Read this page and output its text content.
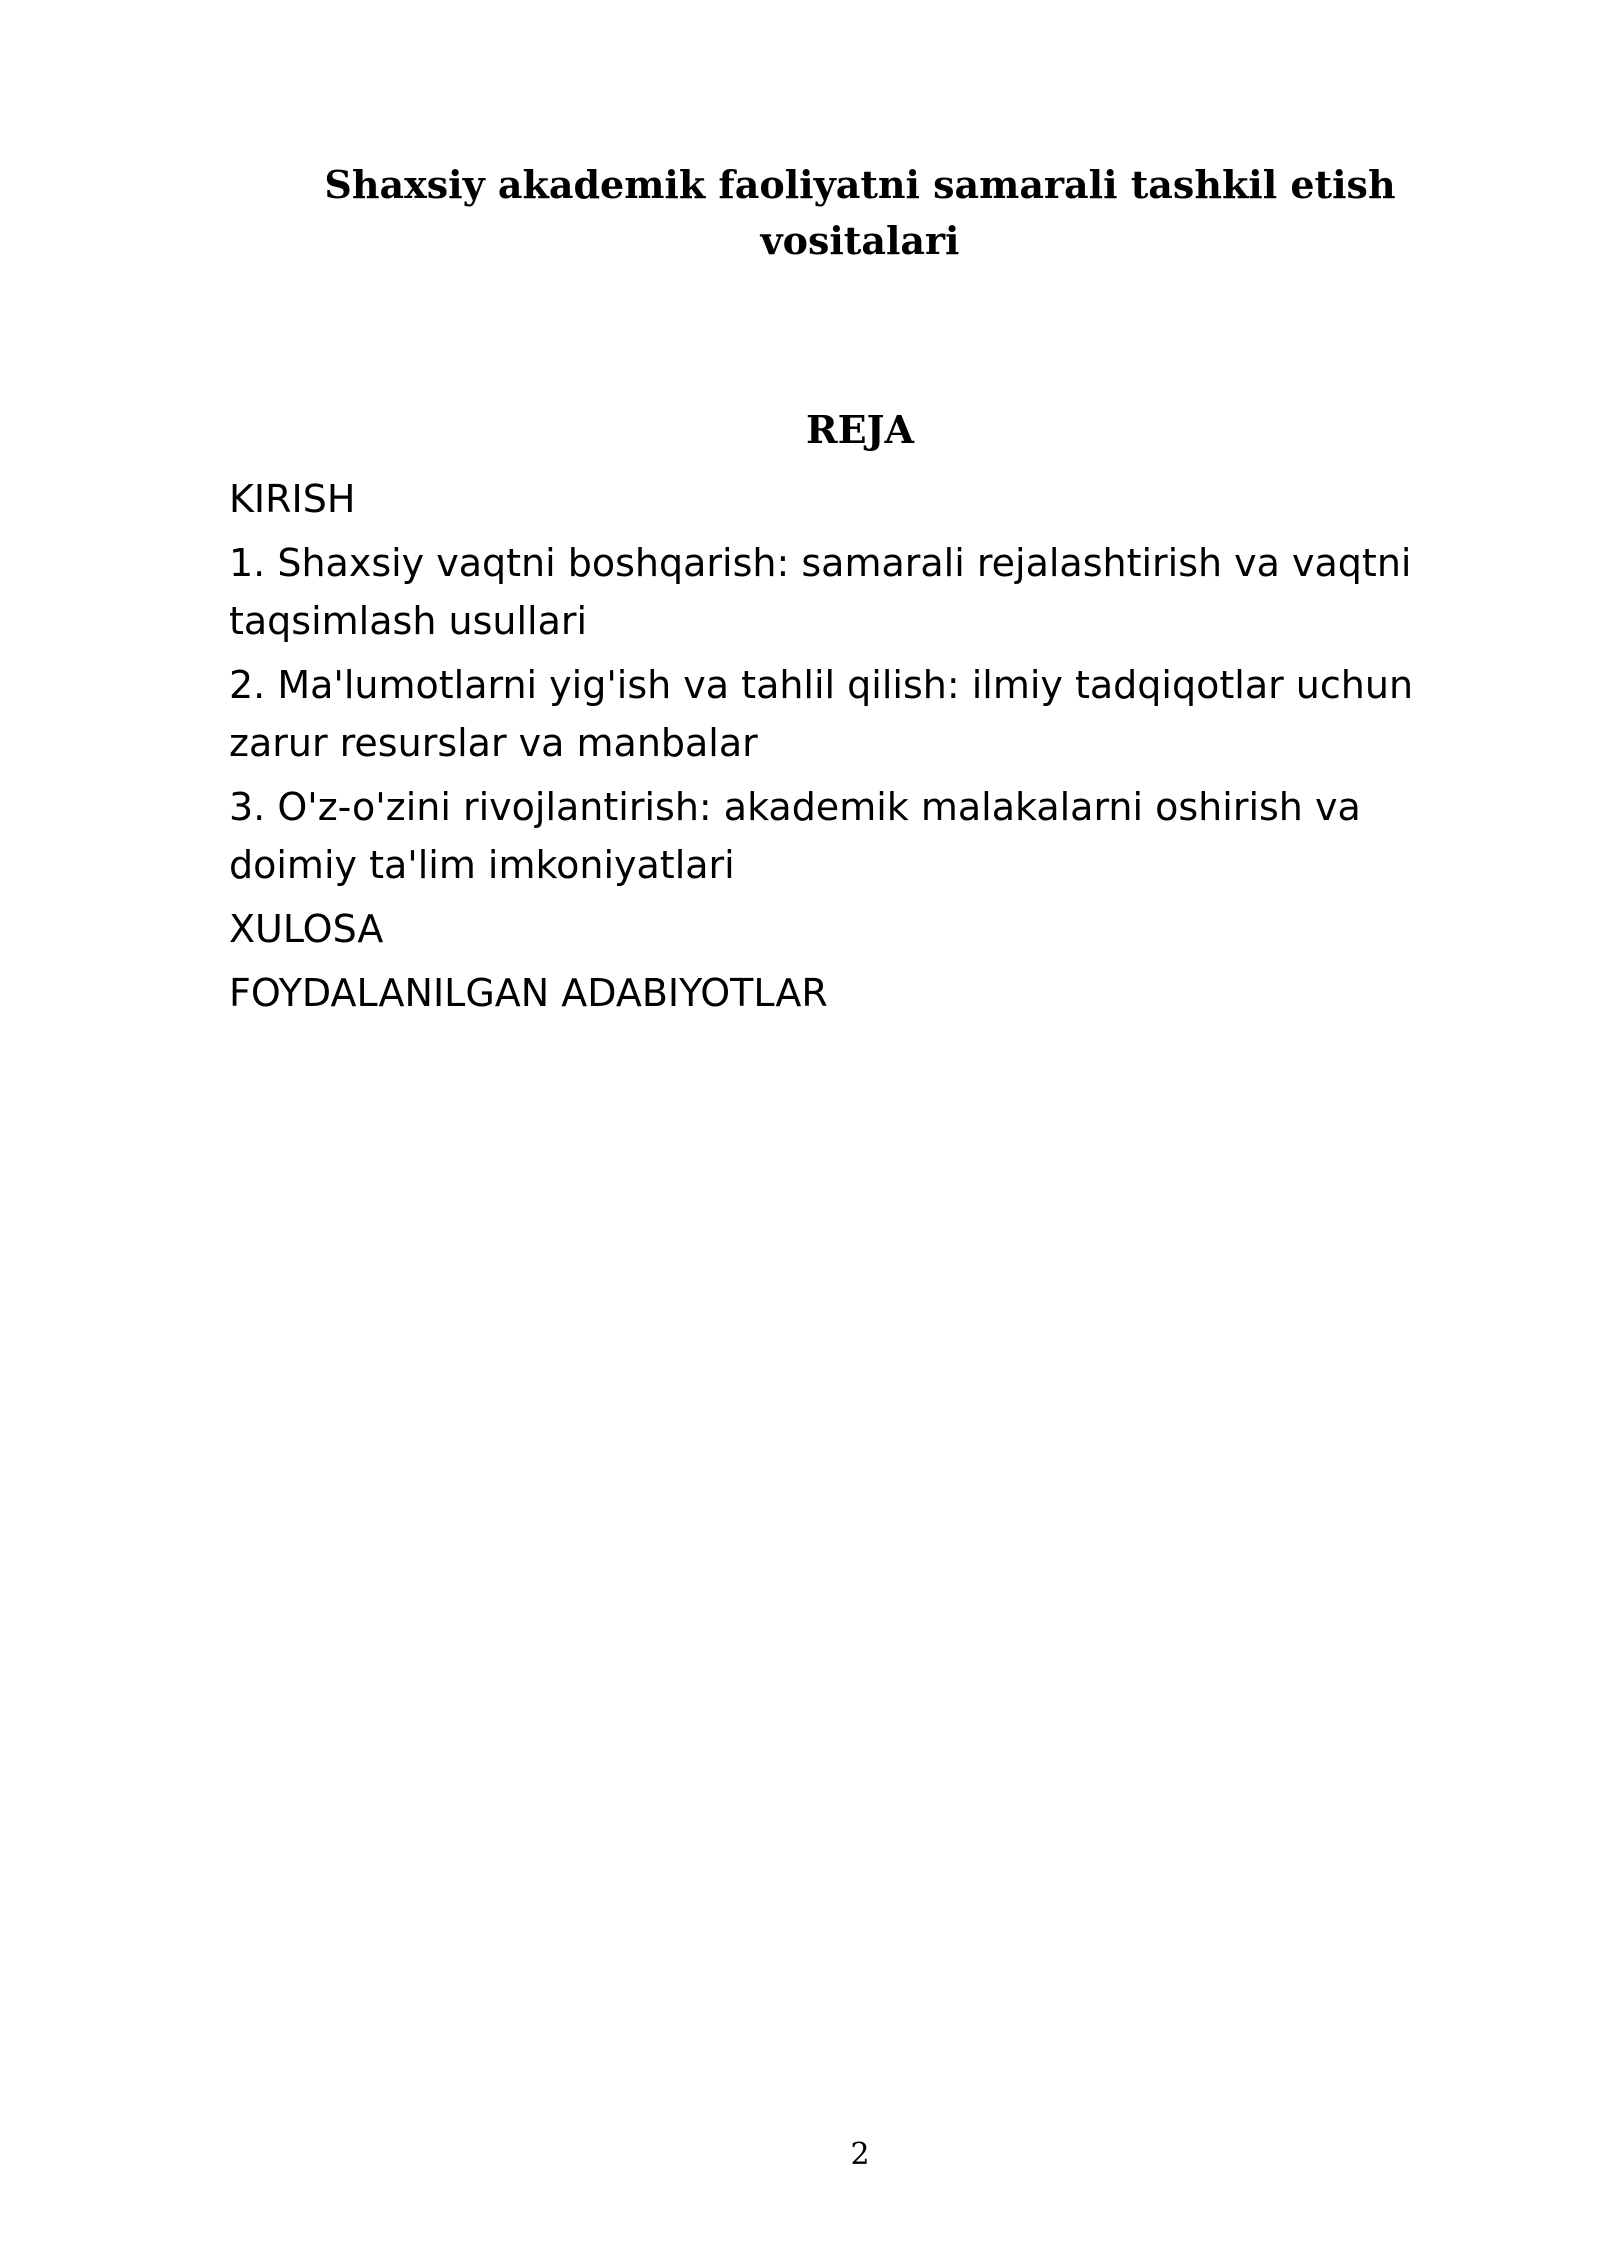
Shaxsiy akademik faoliyatni samarali tashkil etish vositalari
REJA
KIRISH
1. Shaxsiy vaqtni boshqarish: samarali rejalashtirish va vaqtni taqsimlash usullari
2. Ma'lumotlarni yig'ish va tahlil qilish: ilmiy tadqiqotlar uchun zarur resurslar va manbalar
3. O'z-o'zini rivojlantirish: akademik malakalarni oshirish va doimiy ta'lim imkoniyatlari
XULOSA
FOYDALANILGAN ADABIYOTLAR
2
